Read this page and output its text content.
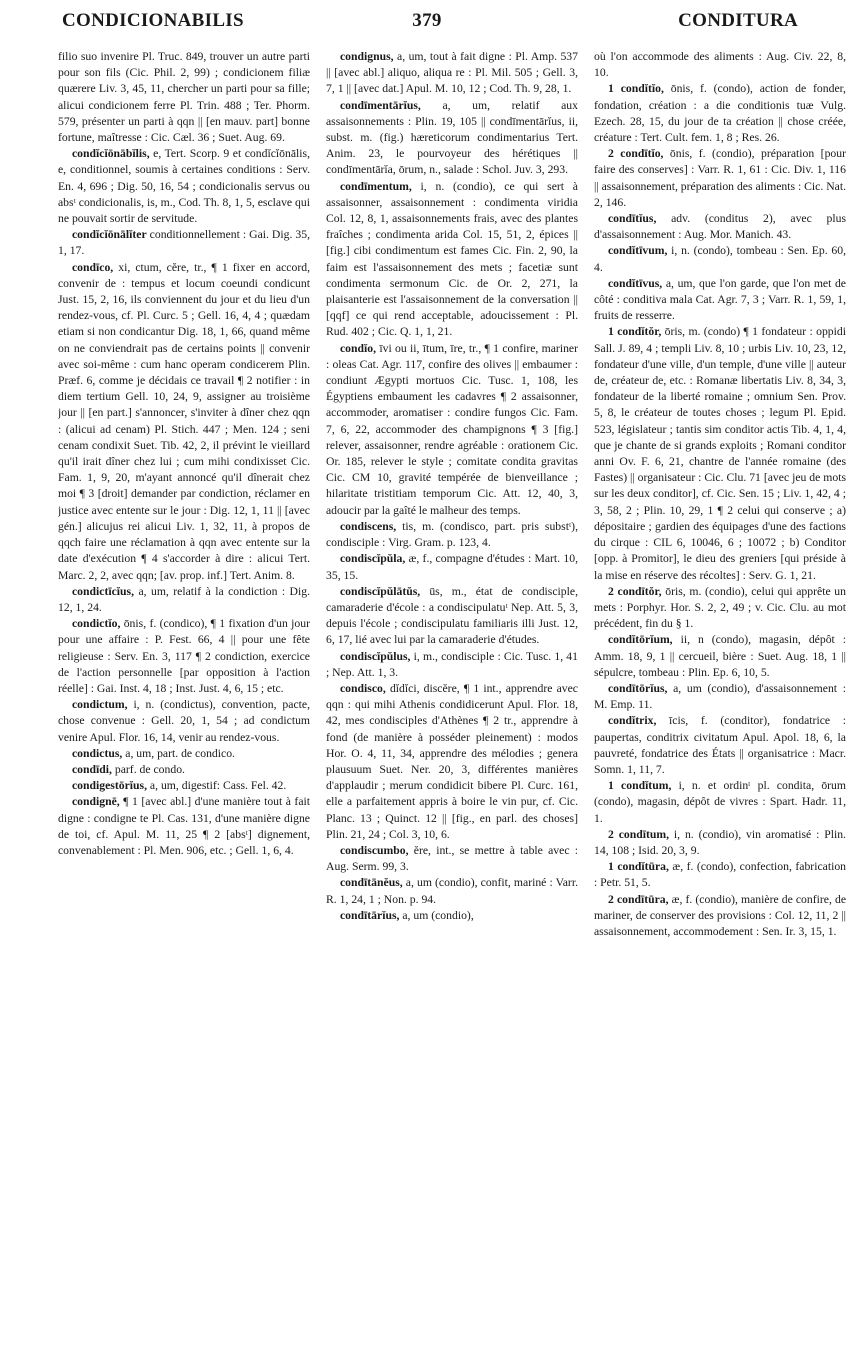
CONDICIONABILIS	379	CONDITURA

filio suo invenire Pl. Truc. 849, trouver un autre parti pour son fils (Cic. Phil. 2, 99) ; condicionem filiæ quærere Liv. 3, 45, 11, chercher un parti pour sa fille; alicui condicionem ferre Pl. Trin. 488 ; Ter. Phorm. 579, présenter un parti à qqn || [en mauv. part] bonne fortune, maîtresse : Cic. Cæl. 36 ; Suet. Aug. 69.

condĭcĭōnābĭlis, e, Tert. Scorp. 9 et condĭcĭōnālis, e, conditionnel, soumis à certaines conditions : Serv. En. 4, 696 ; Dig. 50, 16, 54 ; condicionalis servus ou absᵗ condicionalis, is, m., Cod. Th. 8, 1, 5, esclave qui ne pouvait sortir de servitude.

condĭcĭōnālĭter conditionnellement : Gai. Dig. 35, 1, 17.

condīco, xi, ctum, cĕre, tr., ¶ 1 fixer en accord, convenir de : tempus et locum coeundi condicunt Just. 15, 2, 16, ils conviennent du jour et du lieu d'un rendez-vous, cf. Pl. Curc. 5 ; Gell. 16, 4, 4 ; quædam etiam si non condicantur Dig. 18, 1, 66, quand même on ne conviendrait pas de certains points || convenir avec soi-même : cum hanc operam condicerem Plin. Præf. 6, comme je décidais ce travail ¶ 2 notifier : in diem tertium Gell. 10, 24, 9, assigner au troisième jour || [en part.] s'annoncer, s'inviter à dîner chez qqn : (alicui ad cenam) Pl. Stich. 447 ; Men. 124 ; seni cenam condixit Suet. Tib. 42, 2, il prévint le vieillard qu'il irait dîner chez lui ; cum mihi condixisset Cic. Fam. 1, 9, 20, m'ayant annoncé qu'il dînerait chez moi ¶ 3 [droit] demander par condiction, réclamer en justice avec entente sur le jour : Dig. 12, 1, 11 || [avec gén.] alicujus rei alicui Liv. 1, 32, 11, à propos de qqch faire une réclamation à qqn avec entente sur la date d'exécution ¶ 4 s'accorder à dire : alicui Tert. Marc. 2, 2, avec qqn; [av. prop. inf.] Tert. Anim. 8.

condictīcĭus, a, um, relatif à la condiction : Dig. 12, 1, 24.

condictĭo, ōnis, f. (condico), ¶ 1 fixation d'un jour pour une affaire : P. Fest. 66, 4 || pour une fête religieuse : Serv. En. 3, 117 ¶ 2 condiction, exercice de l'action personnelle [par opposition à l'action réelle] : Gai. Inst. 4, 18 ; Inst. Just. 4, 6, 15 ; etc.

condictum, i, n. (condictus), convention, pacte, chose convenue : Gell. 20, 1, 54 ; ad condictum venire Apul. Flor. 16, 14, venir au rendez-vous.

condictus, a, um, part. de condico.

condīdi, parf. de condo.

condigestōrĭus, a, um, digestif: Cass. Fel. 42.

condignē, ¶ 1 [avec abl.] d'une manière tout à fait digne : condigne te Pl. Cas. 131, d'une manière digne de toi, cf. Apul. M. 11, 25 ¶ 2 [absᵗ] dignement, convenablement : Pl. Men. 906, etc. ; Gell. 1, 6, 4.

condignus, a, um, tout à fait digne : Pl. Amp. 537 || [avec abl.] aliquo, aliqua re : Pl. Mil. 505 ; Gell. 3, 7, 1 || [avec dat.] Apul. M. 10, 12 ; Cod. Th. 9, 28, 1.

condīmentārĭus, a, um, relatif aux assaisonnements : Plin. 19, 105 || condīmentārĭus, ii, subst. m. (fig.) hæreticorum condimentarius Tert. Anim. 23, le pourvoyeur des hérétiques || condīmentārĭa, ōrum, n., salade : Schol. Juv. 3, 293.

condīmentum, i, n. (condio), ce qui sert à assaisonner, assaisonnement : condimenta viridia Col. 12, 8, 1, assaisonnements frais, avec des plantes fraîches ; condimenta arida Col. 15, 51, 2, épices || [fig.] cibi condimentum est fames Cic. Fin. 2, 90, la faim est l'assaisonnement des mets ; facetiæ sunt condimenta sermonum Cic. de Or. 2, 271, la plaisanterie est l'assaisonnement de la conversation || [qqf] ce qui rend acceptable, adoucissement : Pl. Rud. 402 ; Cic. Q. 1, 1, 21.

condĭo, īvi ou ii, ītum, īre, tr., ¶ 1 confire, mariner : oleas Cat. Agr. 117, confire des olives || embaumer : condiunt Ægypti mortuos Cic. Tusc. 1, 108, les Égyptiens embaument les cadavres ¶ 2 assaisonner, accommoder, aromatiser : condire fungos Cic. Fam. 7, 6, 22, accommoder des champignons ¶ 3 [fig.] relever, assaisonner, rendre agréable : orationem Cic. Or. 185, relever le style ; comitate condita gravitas Cic. CM 10, gravité tempérée de bienveillance ; hilaritate tristitiam temporum Cic. Att. 12, 40, 3, adoucir par la gaîté le malheur des temps.

condiscens, tis, m. (condisco, part. pris substᵗ), condisciple : Virg. Gram. p. 123, 4.

condiscĭpŭla, æ, f., compagne d'études : Mart. 10, 35, 15.

condiscĭpŭlātŭs, ūs, m., état de condisciple, camaraderie d'école : a condiscipulatuᵗ Nep. Att. 5, 3, depuis l'école ; condiscipulatu familiaris illi Just. 12, 6, 17, lié avec lui par la camaraderie d'études.

condiscĭpŭlus, i, m., condisciple : Cic. Tusc. 1, 41 ; Nep. Att. 1, 3.

condisco, dĭdĭci, discĕre, ¶ 1 int., apprendre avec qqn : qui mihi Athenis condidicerunt Apul. Flor. 18, 42, mes condisciples d'Athènes ¶ 2 tr., apprendre à fond (de manière à posséder pleinement) : modos Hor. O. 4, 11, 34, apprendre des mélodies ; genera plausuum Suet. Ner. 20, 3, différentes manières d'applaudir ; merum condidicit bibere Pl. Curc. 161, elle a parfaitement appris à boire le vin pur, cf. Cic. Planc. 13 ; Quinct. 12 || [fig., en parl. des choses] Plin. 21, 24 ; Col. 3, 10, 6.

condiscumbo, ĕre, int., se mettre à table avec : Aug. Serm. 99, 3.

condītānĕus, a, um (condio), confit, mariné : Varr. R. 1, 24, 1 ; Non. p. 94.

condītārĭus, a, um (condio),

où l'on accommode des aliments : Aug. Civ. 22, 8, 10.

1 condĭtĭo, ōnis, f. (condo), action de fonder, fondation, création : a die conditionis tuæ Vulg. Ezech. 28, 15, du jour de ta création || chose créée, créature : Tert. Cult. fem. 1, 8 ; Res. 26.

2 condītĭo, ōnis, f. (condio), préparation [pour faire des conserves] : Varr. R. 1, 61 : Cic. Div. 1, 116 || assaisonnement, préparation des aliments : Cic. Nat. 2, 146.

condītĭus, adv. (conditus 2), avec plus d'assaisonnement : Aug. Mor. Manich. 43.

condĭtīvum, i, n. (condo), tombeau : Sen. Ep. 60, 4.

condĭtīvus, a, um, que l'on garde, que l'on met de côté : conditiva mala Cat. Agr. 7, 3 ; Varr. R. 1, 59, 1, fruits de resserre.

1 condĭtŏr, ōris, m. (condo) ¶ 1 fondateur : oppidi Sall. J. 89, 4 ; templi Liv. 8, 10 ; urbis Liv. 10, 23, 12, fondateur d'une ville, d'un temple, d'une ville || auteur de, créateur de, etc. : Romanæ libertatis Liv. 8, 34, 3, fondateur de la liberté romaine ; omnium Sen. Prov. 5, 8, le créateur de toutes choses ; legum Pl. Epid. 523, législateur ; tantis sim conditor actis Tib. 4, 1, 4, que je chante de si grands exploits ; Romani conditor anni Ov. F. 6, 21, chantre de l'année romaine (des Fastes) || organisateur : Cic. Clu. 71 [avec jeu de mots sur les deux conditor], cf. Cic. Sen. 15 ; Liv. 1, 42, 4 ; 3, 58, 2 ; Plin. 10, 29, 1 ¶ 2 celui qui conserve ; a) dépositaire ; gardien des équipages d'une des factions du cirque : CIL 6, 10046, 6 ; 10072 ; b) Conditor [opp. à Promitor], le dieu des greniers [qui préside à la mise en réserve des récoltes] : Serv. G. 1, 21.

2 condītŏr, ōris, m. (condio), celui qui apprête un mets : Porphyr. Hor. S. 2, 2, 49 ; v. Cic. Clu. au mot précédent, fin du § 1.

condĭtōrĭum, ii, n (condo), magasin, dépôt : Amm. 18, 9, 1 || cercueil, bière : Suet. Aug. 18, 1 || sépulcre, tombeau : Plin. Ep. 6, 10, 5.

condītōrĭus, a, um (condio), d'assaisonnement : M. Emp. 11.

condĭtrix, īcis, f. (conditor), fondatrice : paupertas, conditrix civitatum Apul. Apol. 18, 6, la pauvreté, fondatrice des États || organisatrice : Macr. Somn. 1, 11, 7.

1 condĭtum, i, n. et ordinᵗ pl. condita, ōrum (condo), magasin, dépôt de vivres : Spart. Hadr. 11, 1.

2 condītum, i, n. (condio), vin aromatisé : Plin. 14, 108 ; Isid. 20, 3, 9.

1 condĭtūra, æ, f. (condo), confection, fabrication : Petr. 51, 5.

2 condītūra, æ, f. (condio), manière de confire, de mariner, de conserver des provisions : Col. 12, 11, 2 || assaisonnement, accommodement : Sen. Ir. 3, 15, 1.
